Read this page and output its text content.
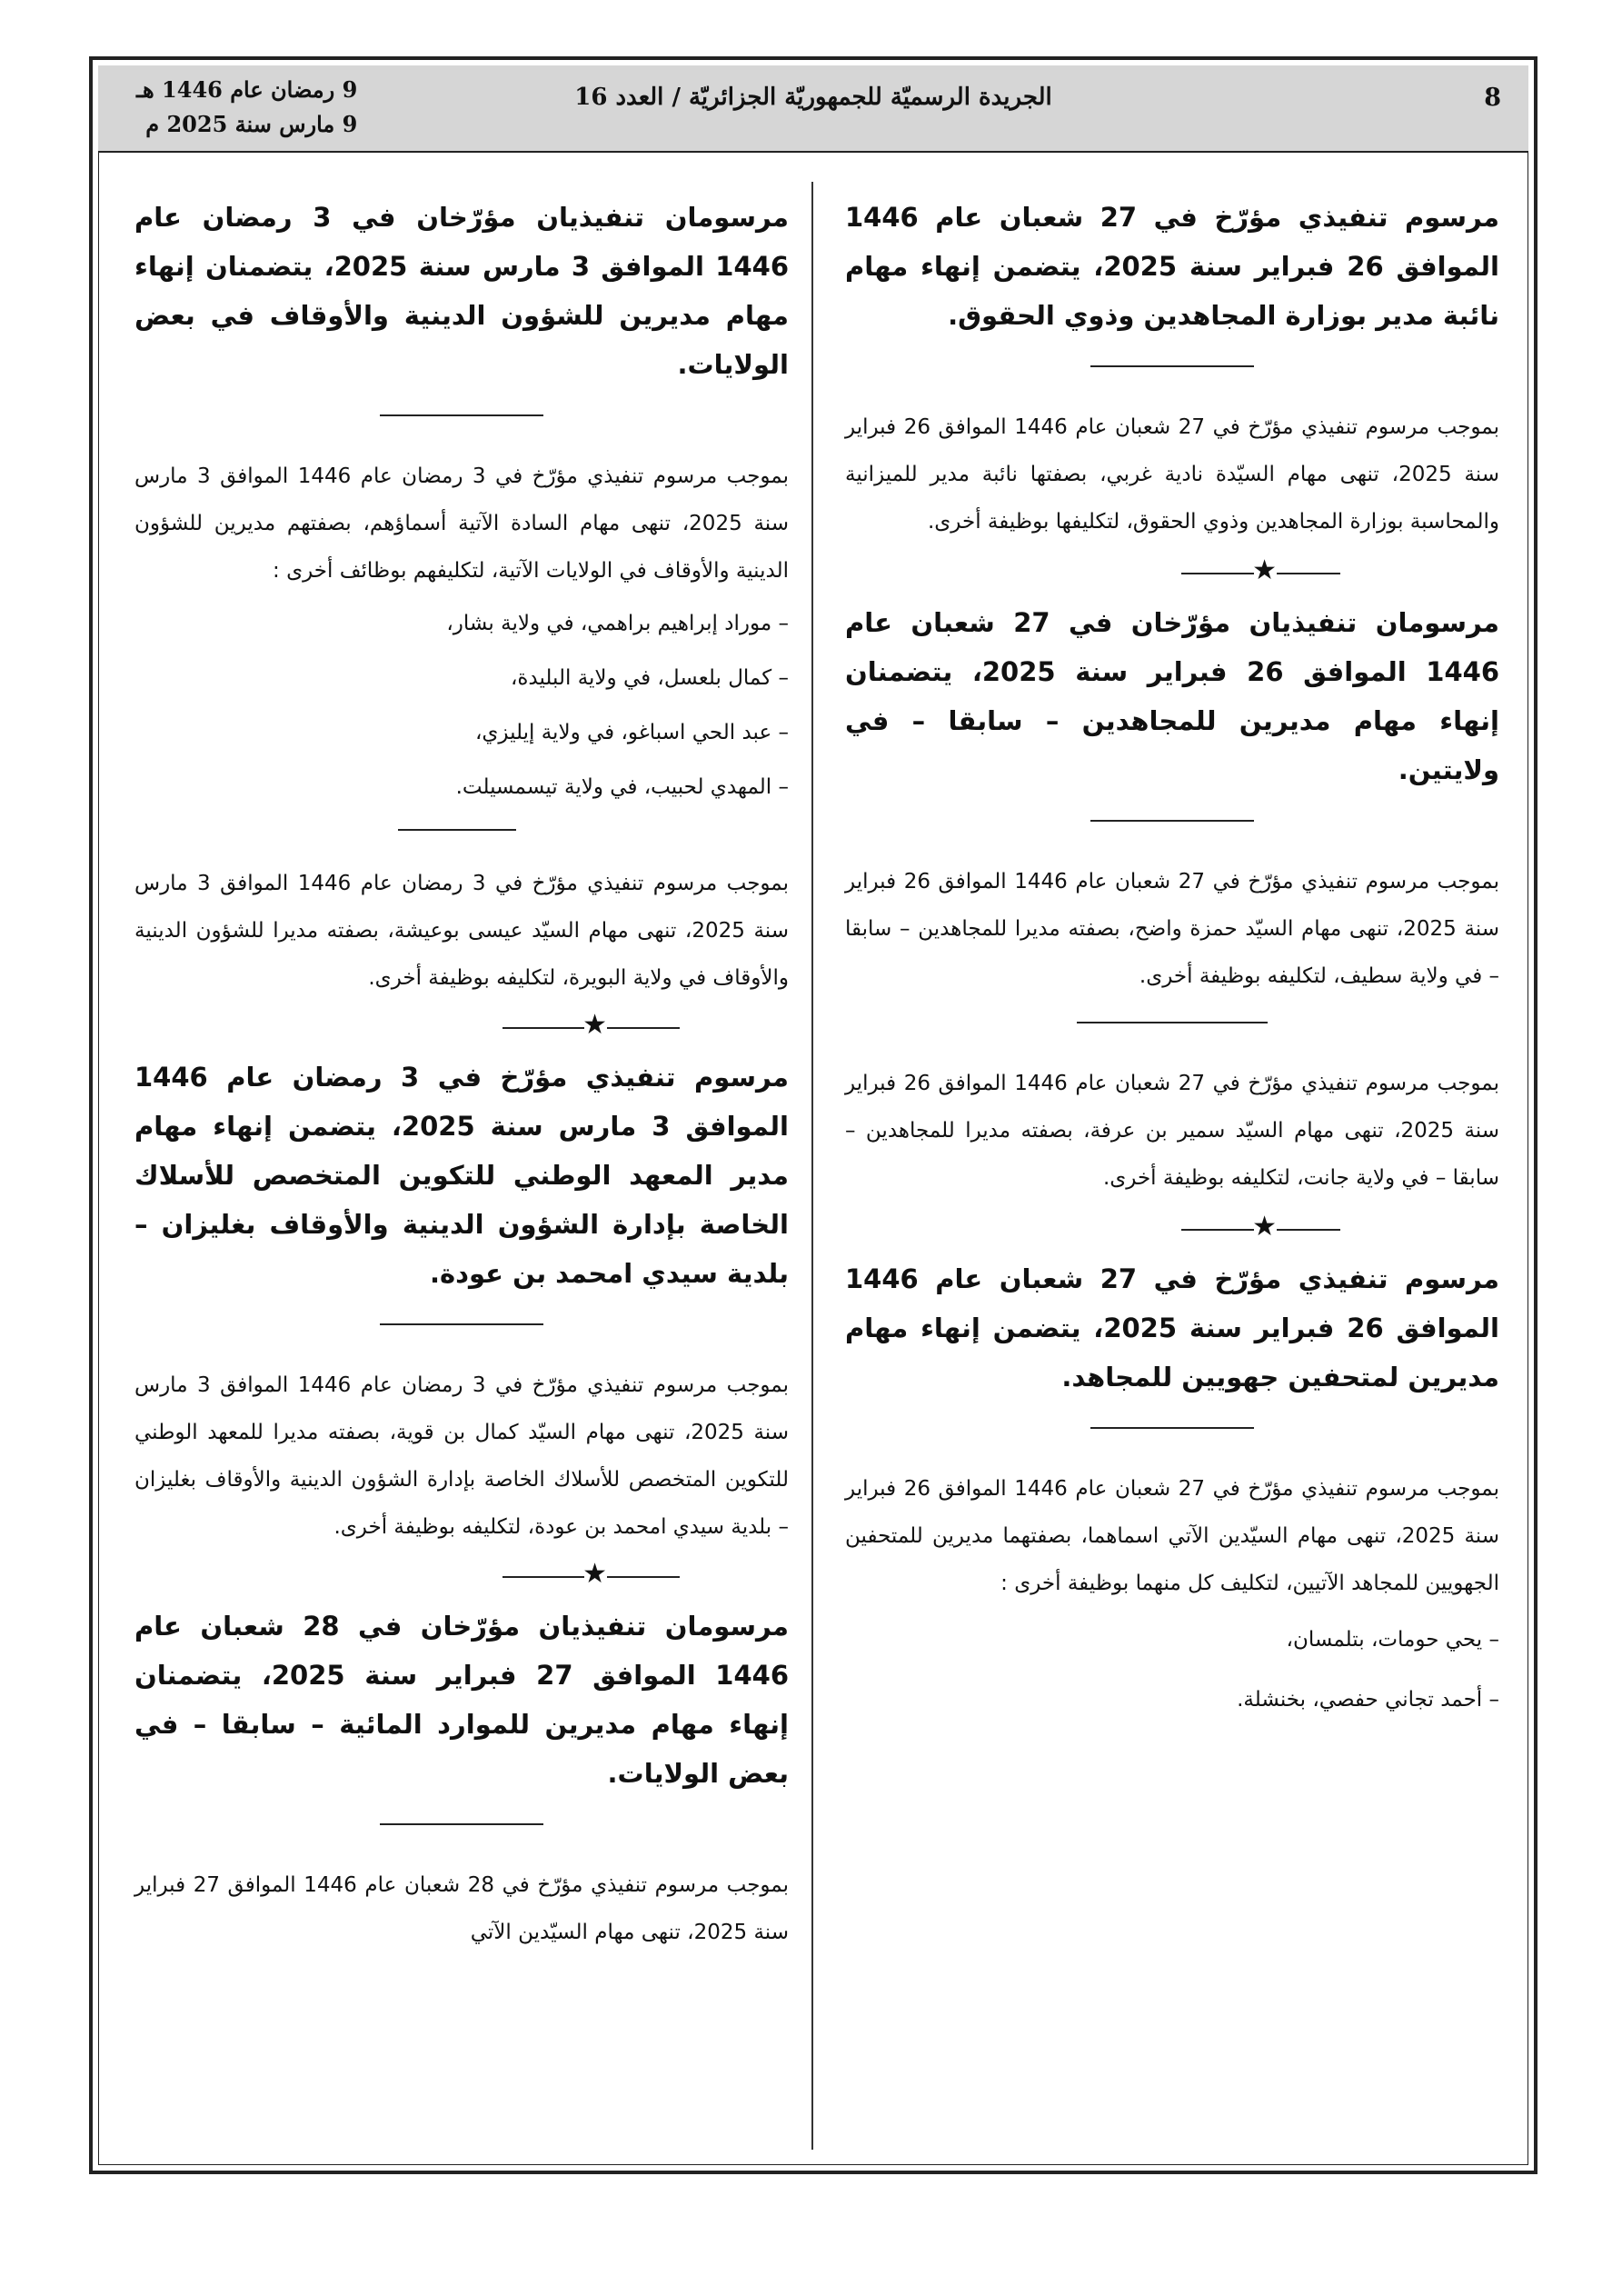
8
الجريدة الرسميّة للجمهوريّة الجزائريّة / العدد 16
9 رمضان عام 1446 هـ
9 مارس سنة 2025 م

مرسوم تنفيذي مؤرّخ في 27 شعبان عام 1446 الموافق 26 فبراير سنة 2025، يتضمن إنهاء مهام نائبة مدير بوزارة المجاهدين وذوي الحقوق.

بموجب مرسوم تنفيذي مؤرّخ في 27 شعبان عام 1446 الموافق 26 فبراير سنة 2025، تنهى مهام السيّدة نادية غربي، بصفتها نائبة مدير للميزانية والمحاسبة بوزارة المجاهدين وذوي الحقوق، لتكليفها بوظيفة أخرى.

★

مرسومان تنفيذيان مؤرّخان في 27 شعبان عام 1446 الموافق 26 فبراير سنة 2025، يتضمنان إنهاء مهام مديرين للمجاهدين – سابقا – في ولايتين.

بموجب مرسوم تنفيذي مؤرّخ في 27 شعبان عام 1446 الموافق 26 فبراير سنة 2025، تنهى مهام السيّد حمزة واضح، بصفته مديرا للمجاهدين – سابقا – في ولاية سطيف، لتكليفه بوظيفة أخرى.

بموجب مرسوم تنفيذي مؤرّخ في 27 شعبان عام 1446 الموافق 26 فبراير سنة 2025، تنهى مهام السيّد سمير بن عرفة، بصفته مديرا للمجاهدين – سابقا – في ولاية جانت، لتكليفه بوظيفة أخرى.

★

مرسوم تنفيذي مؤرّخ في 27 شعبان عام 1446 الموافق 26 فبراير سنة 2025، يتضمن إنهاء مهام مديرين لمتحفين جهويين للمجاهد.

بموجب مرسوم تنفيذي مؤرّخ في 27 شعبان عام 1446 الموافق 26 فبراير سنة 2025، تنهى مهام السيّدين الآتي اسماهما، بصفتهما مديرين للمتحفين الجهويين للمجاهد الآتيين، لتكليف كل منهما بوظيفة أخرى :

– يحي حومات، بتلمسان،

– أحمد تجاني حفصي، بخنشلة.

مرسومان تنفيذيان مؤرّخان في 3 رمضان عام 1446 الموافق 3 مارس سنة 2025، يتضمنان إنهاء مهام مديرين للشؤون الدينية والأوقاف في بعض الولايات.

بموجب مرسوم تنفيذي مؤرّخ في 3 رمضان عام 1446 الموافق 3 مارس سنة 2025، تنهى مهام السادة الآتية أسماؤهم، بصفتهم مديرين للشؤون الدينية والأوقاف في الولايات الآتية، لتكليفهم بوظائف أخرى :

– موراد إبراهيم براهمي، في ولاية بشار،

– كمال بلعسل، في ولاية البليدة،

– عبد الحي اسباغو، في ولاية إيليزي،

– المهدي لحبيب، في ولاية تيسمسيلت.

بموجب مرسوم تنفيذي مؤرّخ في 3 رمضان عام 1446 الموافق 3 مارس سنة 2025، تنهى مهام السيّد عيسى بوعيشة، بصفته مديرا للشؤون الدينية والأوقاف في ولاية البويرة، لتكليفه بوظيفة أخرى.

★

مرسوم تنفيذي مؤرّخ في 3 رمضان عام 1446 الموافق 3 مارس سنة 2025، يتضمن إنهاء مهام مدير المعهد الوطني للتكوين المتخصص للأسلاك الخاصة بإدارة الشؤون الدينية والأوقاف بغليزان – بلدية سيدي امحمد بن عودة.

بموجب مرسوم تنفيذي مؤرّخ في 3 رمضان عام 1446 الموافق 3 مارس سنة 2025، تنهى مهام السيّد كمال بن قوية، بصفته مديرا للمعهد الوطني للتكوين المتخصص للأسلاك الخاصة بإدارة الشؤون الدينية والأوقاف بغليزان – بلدية سيدي امحمد بن عودة، لتكليفه بوظيفة أخرى.

★

مرسومان تنفيذيان مؤرّخان في 28 شعبان عام 1446 الموافق 27 فبراير سنة 2025، يتضمنان إنهاء مهام مديرين للموارد المائية – سابقا – في بعض الولايات.

بموجب مرسوم تنفيذي مؤرّخ في 28 شعبان عام 1446 الموافق 27 فبراير سنة 2025، تنهى مهام السيّدين الآتي
